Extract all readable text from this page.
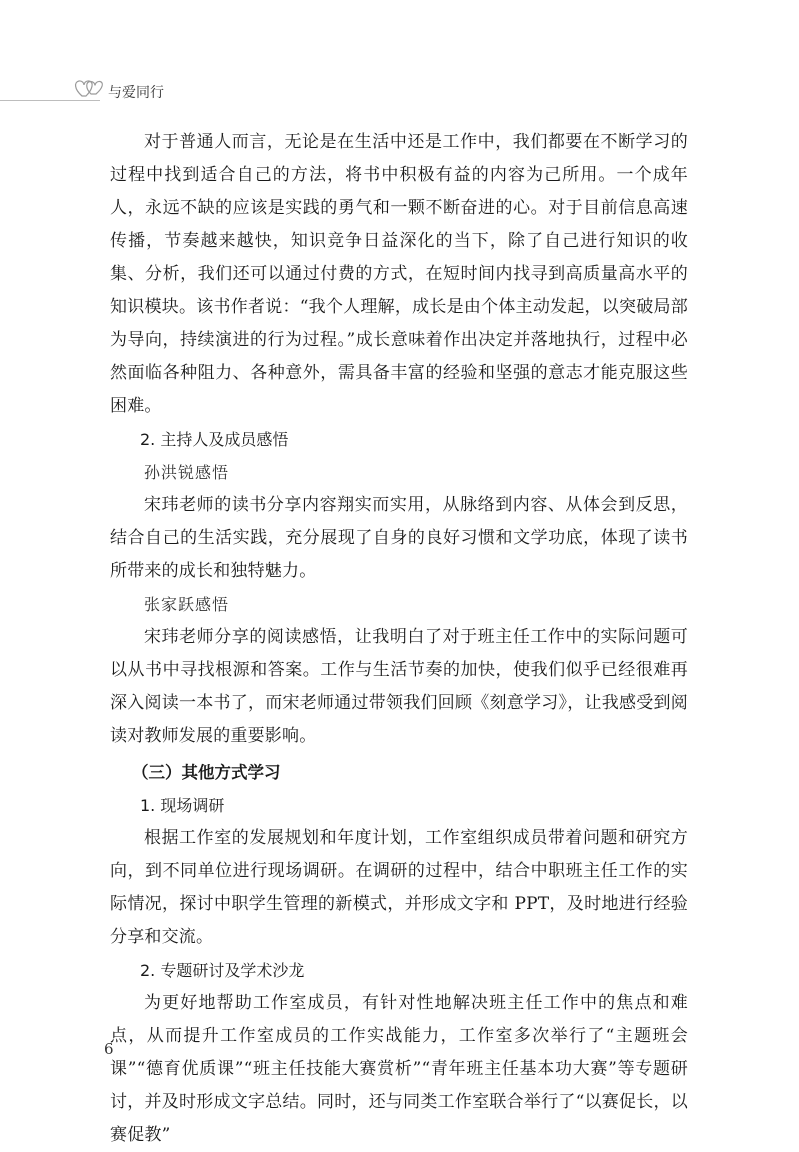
与爱同行

对于普通人而言，无论是在生活中还是工作中，我们都要在不断学习的过程中找到适合自己的方法，将书中积极有益的内容为己所用。一个成年人，永远不缺的应该是实践的勇气和一颗不断奋进的心。对于目前信息高速传播，节奏越来越快，知识竞争日益深化的当下，除了自己进行知识的收集、分析，我们还可以通过付费的方式，在短时间内找寻到高质量高水平的知识模块。该书作者说：“我个人理解，成长是由个体主动发起，以突破局部为导向，持续演进的行为过程。”成长意味着作出决定并落地执行，过程中必然面临各种阻力、各种意外，需具备丰富的经验和坚强的意志才能克服这些困难。

2. 主持人及成员感悟
孙洪锐感悟

宋玮老师的读书分享内容翔实而实用，从脉络到内容、从体会到反思，结合自己的生活实践，充分展现了自身的良好习惯和文学功底，体现了读书所带来的成长和独特魅力。

张家跃感悟

宋玮老师分享的阅读感悟，让我明白了对于班主任工作中的实际问题可以从书中寻找根源和答案。工作与生活节奏的加快，使我们似乎已经很难再深入阅读一本书了，而宋老师通过带领我们回顾《刻意学习》，让我感受到阅读对教师发展的重要影响。

（三）其他方式学习
1. 现场调研

根据工作室的发展规划和年度计划，工作室组织成员带着问题和研究方向，到不同单位进行现场调研。在调研的过程中，结合中职班主任工作的实际情况，探讨中职学生管理的新模式，并形成文字和 PPT，及时地进行经验分享和交流。

2. 专题研讨及学术沙龙

为更好地帮助工作室成员，有针对性地解决班主任工作中的焦点和难点，从而提升工作室成员的工作实战能力，工作室多次举行了“主题班会课”“德育优质课”“班主任技能大赛赏析”“青年班主任基本功大赛”等专题研讨，并及时形成文字总结。同时，还与同类工作室联合举行了“以赛促长，以赛促教”

6
